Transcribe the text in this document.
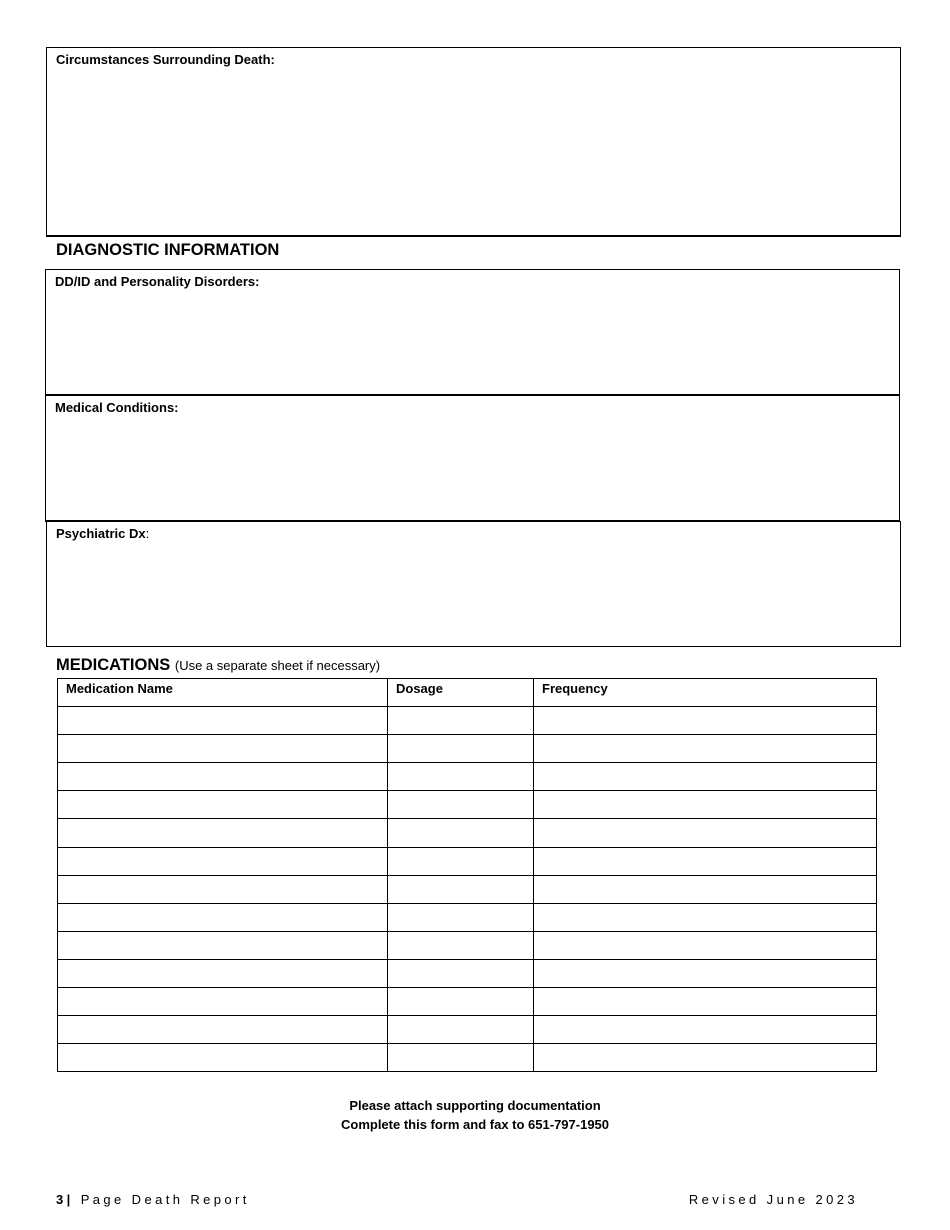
Circumstances Surrounding Death:
DIAGNOSTIC INFORMATION
DD/ID and Personality Disorders:
Medical Conditions:
Psychiatric Dx:
MEDICATIONS (Use a separate sheet if necessary)
Medication Name	Dosage	Frequency

Please attach supporting documentation
Complete this form and fax to 651-797-1950
3| Page Death Report	Revised June 2023
